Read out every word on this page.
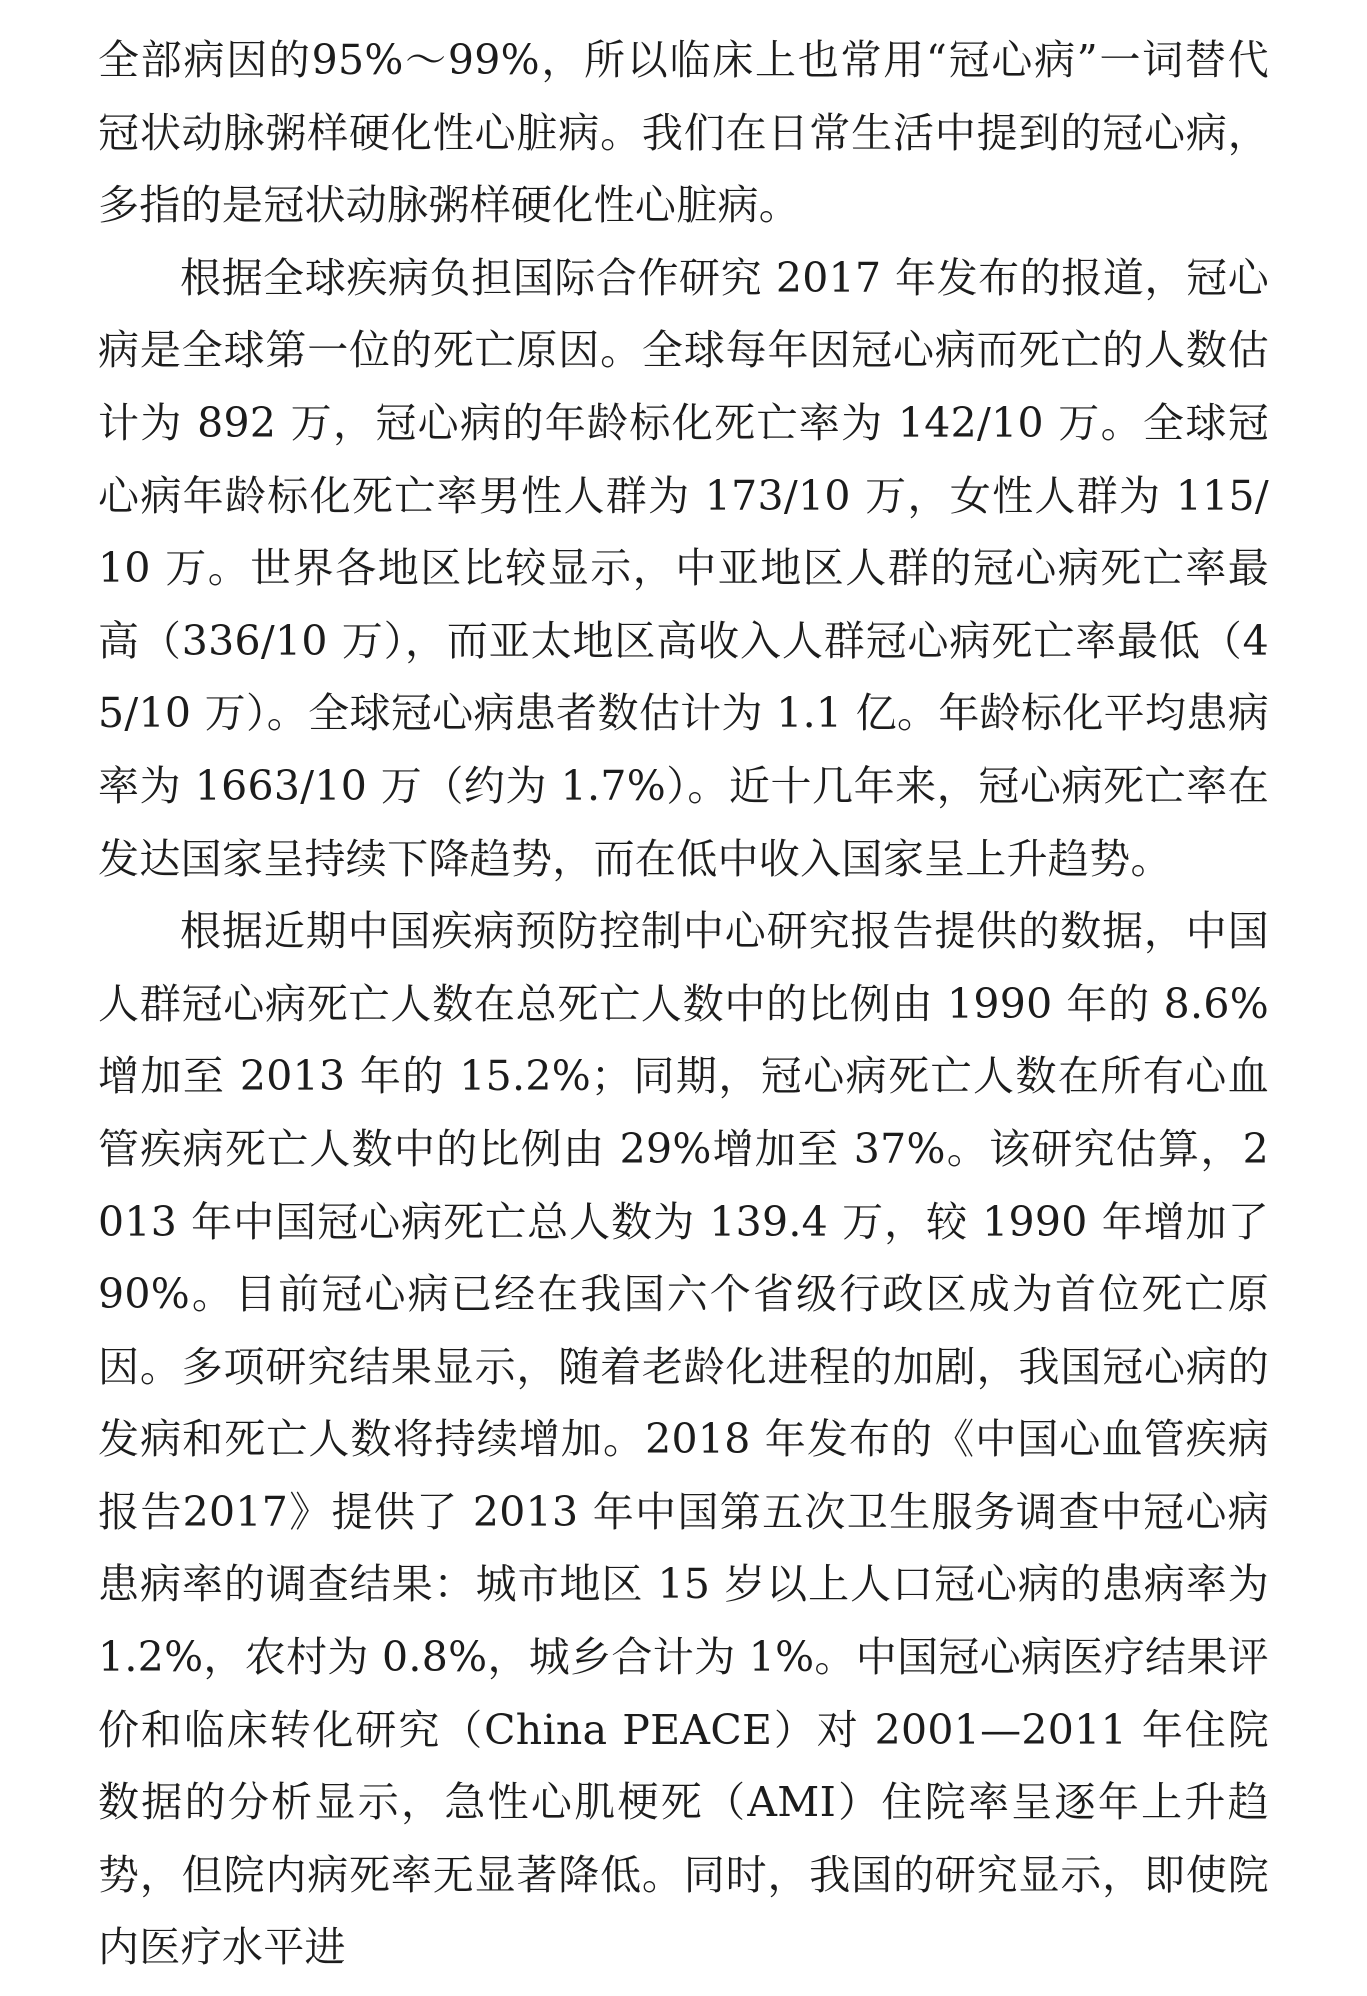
全部病因的95%～99%，所以临床上也常用“冠心病”一词替代冠状动脉粥样硬化性心脏病。我们在日常生活中提到的冠心病，多指的是冠状动脉粥样硬化性心脏病。

根据全球疾病负担国际合作研究 2017 年发布的报道，冠心病是全球第一位的死亡原因。全球每年因冠心病而死亡的人数估计为 892 万，冠心病的年龄标化死亡率为 142/10 万。全球冠心病年龄标化死亡率男性人群为 173/10 万，女性人群为 115/10 万。世界各地区比较显示，中亚地区人群的冠心病死亡率最高（336/10 万），而亚太地区高收入人群冠心病死亡率最低（45/10 万）。全球冠心病患者数估计为 1.1 亿。年龄标化平均患病率为 1663/10 万（约为 1.7%）。近十几年来，冠心病死亡率在发达国家呈持续下降趋势，而在低中收入国家呈上升趋势。

根据近期中国疾病预防控制中心研究报告提供的数据，中国人群冠心病死亡人数在总死亡人数中的比例由 1990 年的 8.6%增加至 2013 年的 15.2%；同期，冠心病死亡人数在所有心血管疾病死亡人数中的比例由 29%增加至 37%。该研究估算，2013 年中国冠心病死亡总人数为 139.4 万，较 1990 年增加了 90%。目前冠心病已经在我国六个省级行政区成为首位死亡原因。多项研究结果显示，随着老龄化进程的加剧，我国冠心病的发病和死亡人数将持续增加。2018 年发布的《中国心血管疾病报告2017》提供了 2013 年中国第五次卫生服务调查中冠心病患病率的调查结果：城市地区 15 岁以上人口冠心病的患病率为 1.2%，农村为 0.8%，城乡合计为 1%。中国冠心病医疗结果评价和临床转化研究（China PEACE）对 2001—2011 年住院数据的分析显示，急性心肌梗死（AMI）住院率呈逐年上升趋势，但院内病死率无显著降低。同时，我国的研究显示，即使院内医疗水平进
